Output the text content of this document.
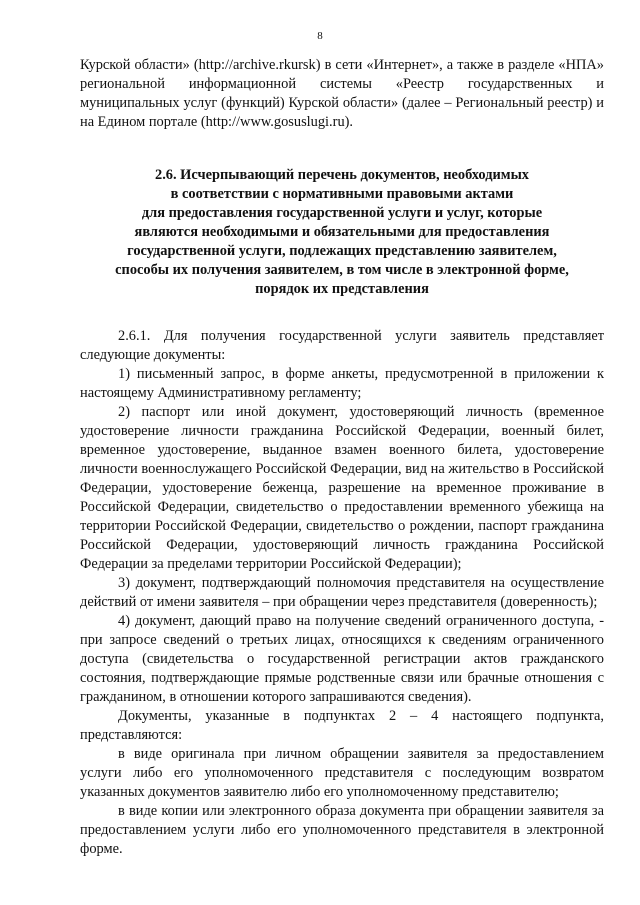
8

Курской области» (http://archive.rkursk) в сети «Интернет», а также в разделе «НПА» региональной информационной системы «Реестр государственных и муниципальных услуг (функций) Курской области» (далее – Региональный реестр) и на Едином портале (http://www.gosuslugi.ru).

2.6. Исчерпывающий перечень документов, необходимых
в соответствии с нормативными правовыми актами
для предоставления государственной услуги и услуг, которые
являются необходимыми и обязательными для предоставления
государственной услуги, подлежащих представлению заявителем,
способы их получения заявителем, в том числе в электронной форме,
порядок их представления

2.6.1. Для получения государственной услуги заявитель представляет следующие документы:

1) письменный запрос, в форме анкеты, предусмотренной в приложении к настоящему Административному регламенту;

2) паспорт или иной документ, удостоверяющий личность (временное удостоверение личности гражданина Российской Федерации, военный билет, временное удостоверение, выданное взамен военного билета, удостоверение личности военнослужащего Российской Федерации, вид на жительство в Российской Федерации, удостоверение беженца, разрешение на временное проживание в Российской Федерации, свидетельство о предоставлении временного убежища на территории Российской Федерации, свидетельство о рождении, паспорт гражданина Российской Федерации, удостоверяющий личность гражданина Российской Федерации за пределами территории Российской Федерации);

3) документ, подтверждающий полномочия представителя на осуществление действий от имени заявителя – при обращении через представителя (доверенность);

4) документ, дающий право на получение сведений ограниченного доступа, - при запросе сведений о третьих лицах, относящихся к сведениям ограниченного доступа (свидетельства о государственной регистрации актов гражданского состояния, подтверждающие прямые родственные связи или брачные отношения с гражданином, в отношении которого запрашиваются сведения).

Документы, указанные в подпунктах 2 – 4 настоящего подпункта, представляются:

в виде оригинала при личном обращении заявителя за предоставлением услуги либо его уполномоченного представителя с последующим возвратом указанных документов заявителю либо его уполномоченному представителю;

в виде копии или электронного образа документа при обращении заявителя за предоставлением услуги либо его уполномоченного представителя в электронной форме.
